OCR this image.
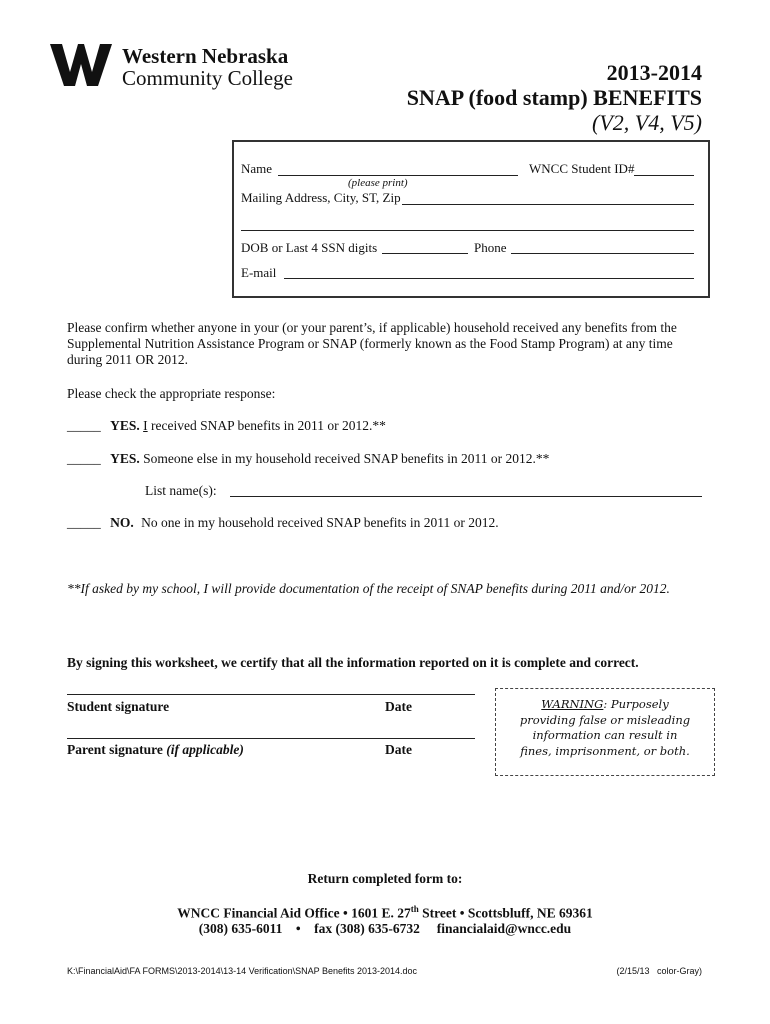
Western Nebraska
Community College	2013-2014
SNAP (food stamp) BENEFITS
(V2, V4, V5)
Name	WNCC Student ID#
(please print)
Mailing Address, City, ST, Zip
DOB or Last 4 SSN digits	Phone
E-mail
Please confirm whether anyone in your (or your parent’s, if applicable) household received any benefits from the Supplemental Nutrition Assistance Program or SNAP (formerly known as the Food Stamp Program) at any time during 2011 OR 2012.
Please check the appropriate response:
_____ YES. I received SNAP benefits in 2011 or 2012.**
_____ YES. Someone else in my household received SNAP benefits in 2011 or 2012.**
List name(s):
_____ NO. No one in my household received SNAP benefits in 2011 or 2012.
**If asked by my school, I will provide documentation of the receipt of SNAP benefits during 2011 and/or 2012.
By signing this worksheet, we certify that all the information reported on it is complete and correct.
Student signature	Date
Parent signature (if applicable)	Date
WARNING: Purposely
providing false or misleading
information can result in
fines, imprisonment, or both.
Return completed form to:
WNCC Financial Aid Office • 1601 E. 27th Street • Scottsbluff, NE 69361
(308) 635-6011    •    fax (308) 635-6732     financialaid@wncc.edu
K:\FinancialAid\FA FORMS\2013-2014\13-14 Verification\SNAP Benefits 2013-2014.doc	(2/15/13   color-Gray)
